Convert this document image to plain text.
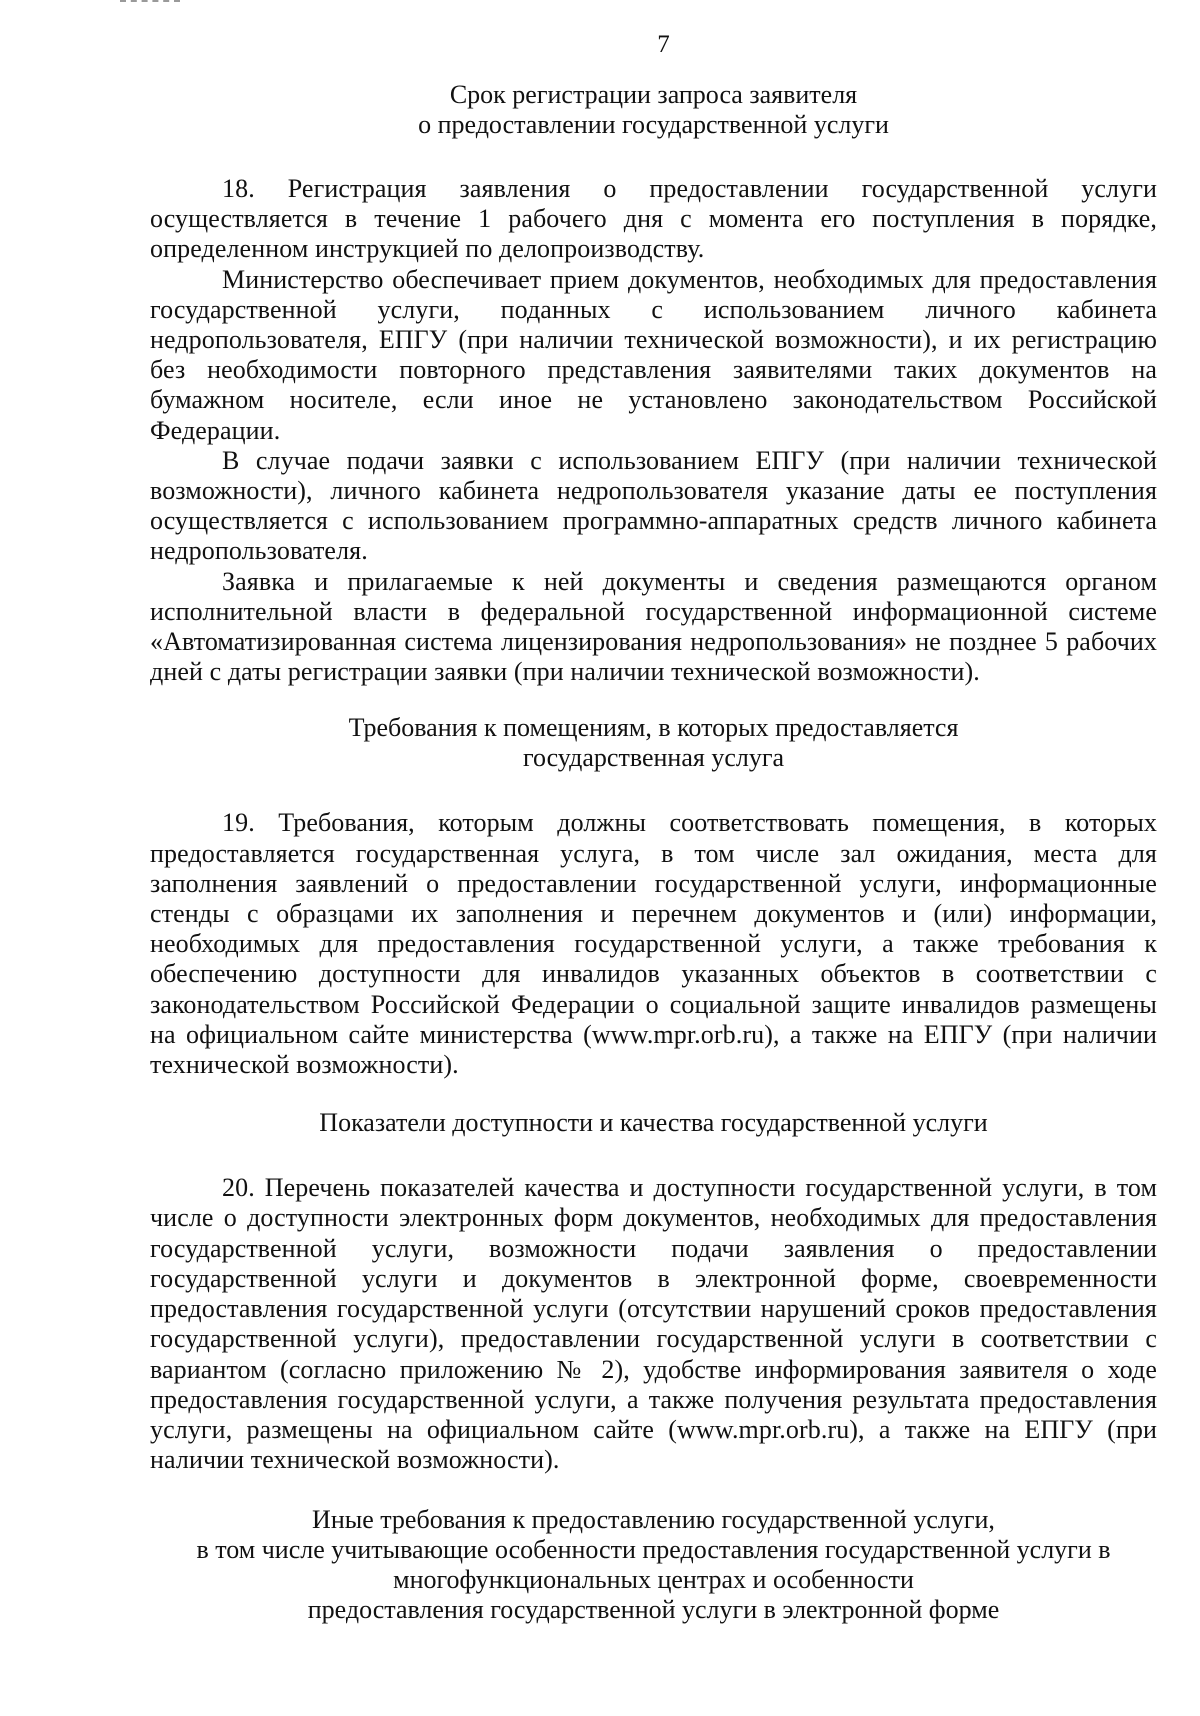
7
Срок регистрации запроса заявителя
о предоставлении государственной услуги

18. Регистрация заявления о предоставлении государственной услуги осуществляется в течение 1 рабочего дня с момента его поступления в порядке, определенном инструкцией по делопроизводству.

Министерство обеспечивает прием документов, необходимых для предоставления государственной услуги, поданных с использованием личного кабинета недропользователя, ЕПГУ (при наличии технической возможности), и их регистрацию без необходимости повторного представления заявителями таких документов на бумажном носителе, если иное не установлено законодательством Российской Федерации.

В случае подачи заявки с использованием ЕПГУ (при наличии технической возможности), личного кабинета недропользователя указание даты ее поступления осуществляется с использованием программно-аппаратных средств личного кабинета недропользователя.

Заявка и прилагаемые к ней документы и сведения размещаются органом исполнительной власти в федеральной государственной информационной системе «Автоматизированная система лицензирования недропользования» не позднее 5 рабочих дней с даты регистрации заявки (при наличии технической возможности).

Требования к помещениям, в которых предоставляется
государственная услуга

19. Требования, которым должны соответствовать помещения, в которых предоставляется государственная услуга, в том числе зал ожидания, места для заполнения заявлений о предоставлении государственной услуги, информационные стенды с образцами их заполнения и перечнем документов и (или) информации, необходимых для предоставления государственной услуги, а также требования к обеспечению доступности для инвалидов указанных объектов в соответствии с законодательством Российской Федерации о социальной защите инвалидов размещены на официальном сайте министерства (www.mpr.orb.ru), а также на ЕПГУ (при наличии технической возможности).

Показатели доступности и качества государственной услуги

20. Перечень показателей качества и доступности государственной услуги, в том числе о доступности электронных форм документов, необходимых для предоставления государственной услуги, возможности подачи заявления о предоставлении государственной услуги и документов в электронной форме, своевременности предоставления государственной услуги (отсутствии нарушений сроков предоставления государственной услуги), предоставлении государственной услуги в соответствии с вариантом (согласно приложению № 2), удобстве информирования заявителя о ходе предоставления государственной услуги, а также получения результата предоставления услуги, размещены на официальном сайте (www.mpr.orb.ru), а также на ЕПГУ (при наличии технической возможности).

Иные требования к предоставлению государственной услуги,
в том числе учитывающие особенности предоставления государственной услуги в
многофункциональных центрах и особенности
предоставления государственной услуги в электронной форме
